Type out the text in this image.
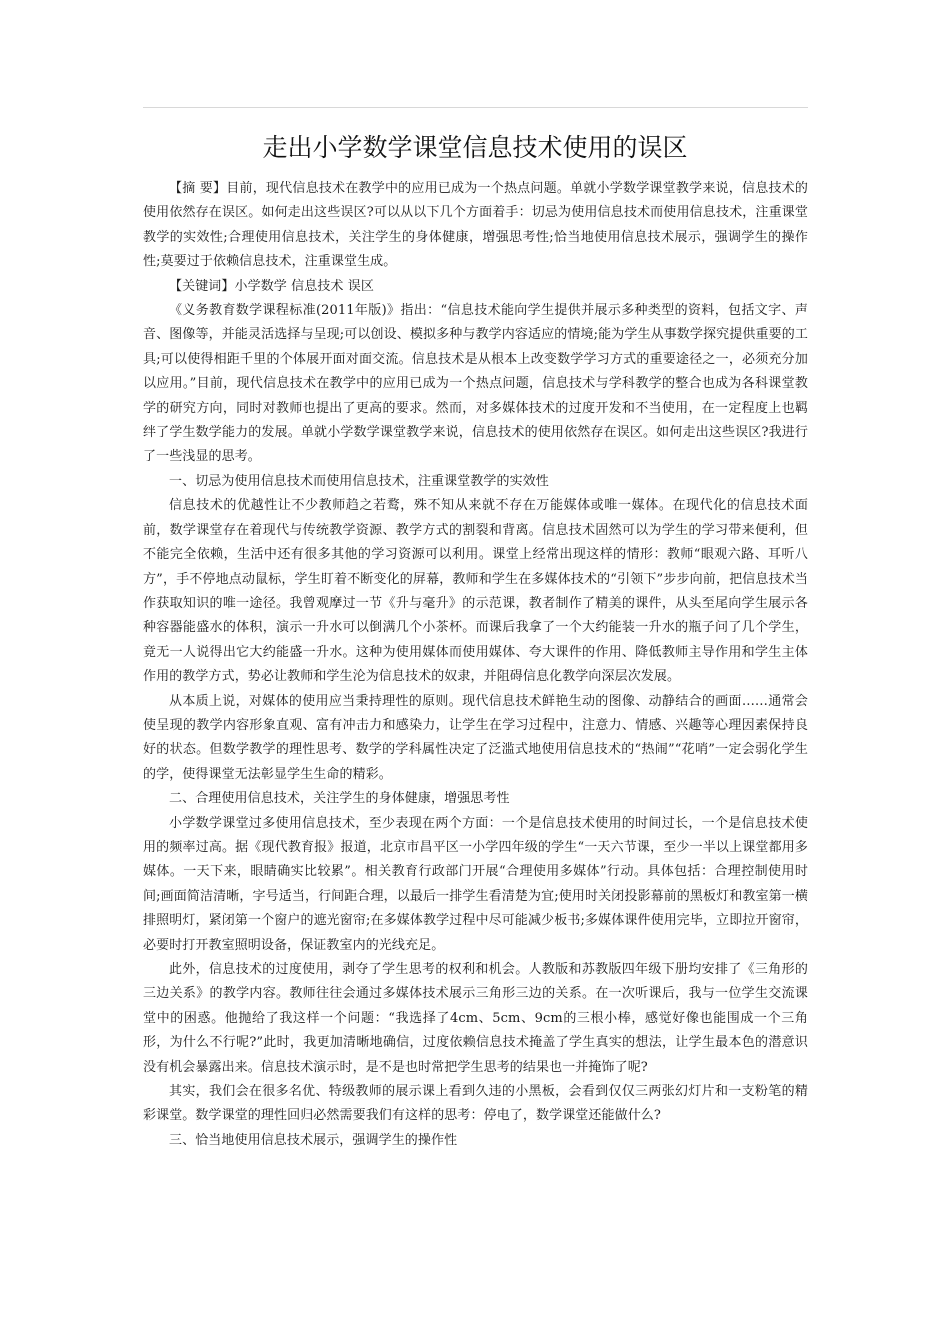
走出小学数学课堂信息技术使用的误区

【摘 要】目前，现代信息技术在教学中的应用已成为一个热点问题。单就小学数学课堂教学来说，信息技术的使用依然存在误区。如何走出这些误区?可以从以下几个方面着手：切忌为使用信息技术而使用信息技术，注重课堂教学的实效性;合理使用信息技术，关注学生的身体健康，增强思考性;恰当地使用信息技术展示，强调学生的操作性;莫要过于依赖信息技术，注重课堂生成。

【关键词】小学数学 信息技术 误区

《义务教育数学课程标准(2011年版)》指出：“信息技术能向学生提供并展示多种类型的资料，包括文字、声音、图像等，并能灵活选择与呈现;可以创设、模拟多种与教学内容适应的情境;能为学生从事数学探究提供重要的工具;可以使得相距千里的个体展开面对面交流。信息技术是从根本上改变数学学习方式的重要途径之一，必须充分加以应用。”目前，现代信息技术在教学中的应用已成为一个热点问题，信息技术与学科教学的整合也成为各科课堂教学的研究方向，同时对教师也提出了更高的要求。然而，对多媒体技术的过度开发和不当使用，在一定程度上也羁绊了学生数学能力的发展。单就小学数学课堂教学来说，信息技术的使用依然存在误区。如何走出这些误区?我进行了一些浅显的思考。

一、切忌为使用信息技术而使用信息技术，注重课堂教学的实效性

信息技术的优越性让不少教师趋之若鹜，殊不知从来就不存在万能媒体或唯一媒体。在现代化的信息技术面前，数学课堂存在着现代与传统教学资源、教学方式的割裂和背离。信息技术固然可以为学生的学习带来便利，但不能完全依赖，生活中还有很多其他的学习资源可以利用。课堂上经常出现这样的情形：教师“眼观六路、耳听八方”，手不停地点动鼠标，学生盯着不断变化的屏幕，教师和学生在多媒体技术的“引领下”步步向前，把信息技术当作获取知识的唯一途径。我曾观摩过一节《升与毫升》的示范课，教者制作了精美的课件，从头至尾向学生展示各种容器能盛水的体积，演示一升水可以倒满几个小茶杯。而课后我拿了一个大约能装一升水的瓶子问了几个学生，竟无一人说得出它大约能盛一升水。这种为使用媒体而使用媒体、夸大课件的作用、降低教师主导作用和学生主体作用的教学方式，势必让教师和学生沦为信息技术的奴隶，并阻碍信息化教学向深层次发展。

从本质上说，对媒体的使用应当秉持理性的原则。现代信息技术鲜艳生动的图像、动静结合的画面……通常会使呈现的教学内容形象直观、富有冲击力和感染力，让学生在学习过程中，注意力、情感、兴趣等心理因素保持良好的状态。但数学教学的理性思考、数学的学科属性决定了泛滥式地使用信息技术的“热闹”“花哨”一定会弱化学生的学，使得课堂无法彰显学生生命的精彩。

二、合理使用信息技术，关注学生的身体健康，增强思考性

小学数学课堂过多使用信息技术，至少表现在两个方面：一个是信息技术使用的时间过长，一个是信息技术使用的频率过高。据《现代教育报》报道，北京市昌平区一小学四年级的学生“一天六节课，至少一半以上课堂都用多媒体。一天下来，眼睛确实比较累”。相关教育行政部门开展“合理使用多媒体”行动。具体包括：合理控制使用时间;画面简洁清晰，字号适当，行间距合理，以最后一排学生看清楚为宜;使用时关闭投影幕前的黑板灯和教室第一横排照明灯，紧闭第一个窗户的遮光窗帘;在多媒体教学过程中尽可能减少板书;多媒体课件使用完毕，立即拉开窗帘，必要时打开教室照明设备，保证教室内的光线充足。

此外，信息技术的过度使用，剥夺了学生思考的权利和机会。人教版和苏教版四年级下册均安排了《三角形的三边关系》的教学内容。教师往往会通过多媒体技术展示三角形三边的关系。在一次听课后，我与一位学生交流课堂中的困惑。他抛给了我这样一个问题：“我选择了4cm、5cm、9cm的三根小棒，感觉好像也能围成一个三角形，为什么不行呢?”此时，我更加清晰地确信，过度依赖信息技术掩盖了学生真实的想法，让学生最本色的潜意识没有机会暴露出来。信息技术演示时，是不是也时常把学生思考的结果也一并掩饰了呢?

其实，我们会在很多名优、特级教师的展示课上看到久违的小黑板，会看到仅仅三两张幻灯片和一支粉笔的精彩课堂。数学课堂的理性回归必然需要我们有这样的思考：停电了，数学课堂还能做什么?

三、恰当地使用信息技术展示，强调学生的操作性
